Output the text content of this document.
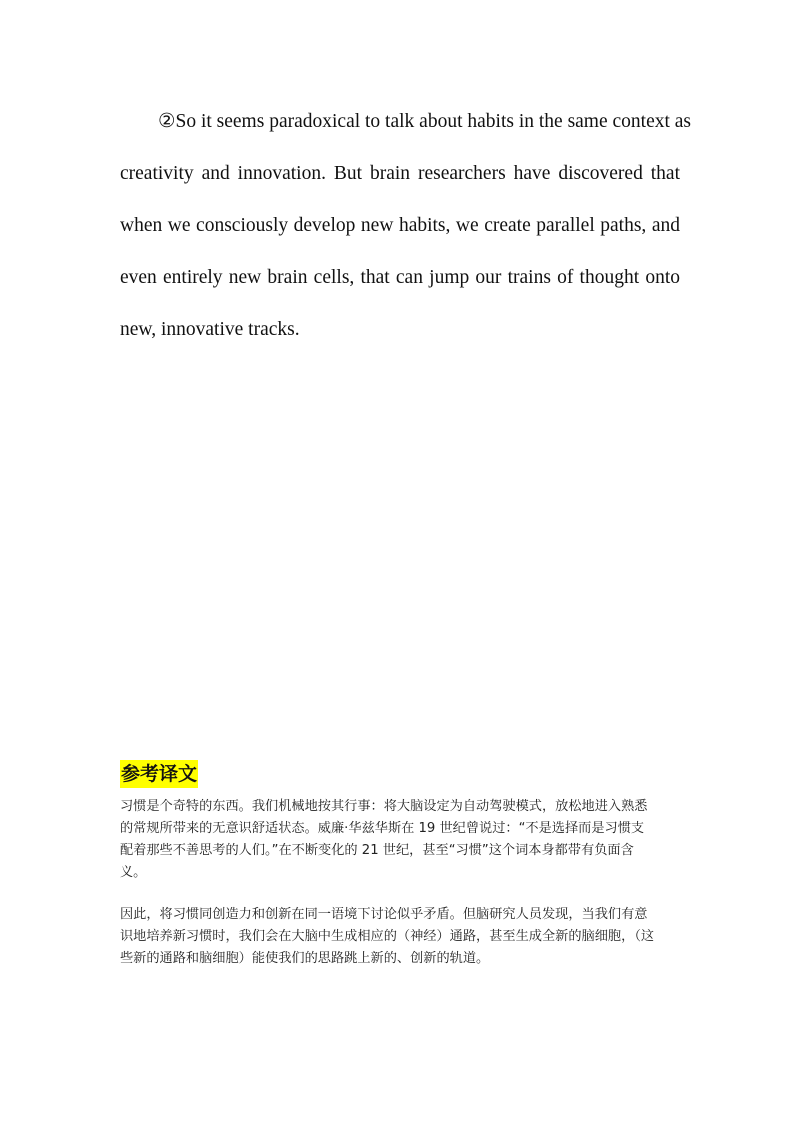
②So it seems paradoxical to talk about habits in the same context as
creativity and innovation. But brain researchers have discovered that
when we consciously develop new habits, we create parallel paths, and
even entirely new brain cells, that can jump our trains of thought onto
new, innovative tracks.
参考译文
习惯是个奇特的东西。我们机械地按其行事：将大脑设定为自动驾驶模式，放松地进入熟悉
的常规所带来的无意识舒适状态。威廉·华兹华斯在 19 世纪曾说过：“不是选择而是习惯支
配着那些不善思考的人们。”在不断变化的 21 世纪，甚至“习惯”这个词本身都带有负面含
义。
因此，将习惯同创造力和创新在同一语境下讨论似乎矛盾。但脑研究人员发现，当我们有意
识地培养新习惯时，我们会在大脑中生成相应的（神经）通路，甚至生成全新的脑细胞，（这
些新的通路和脑细胞）能使我们的思路跳上新的、创新的轨道。
